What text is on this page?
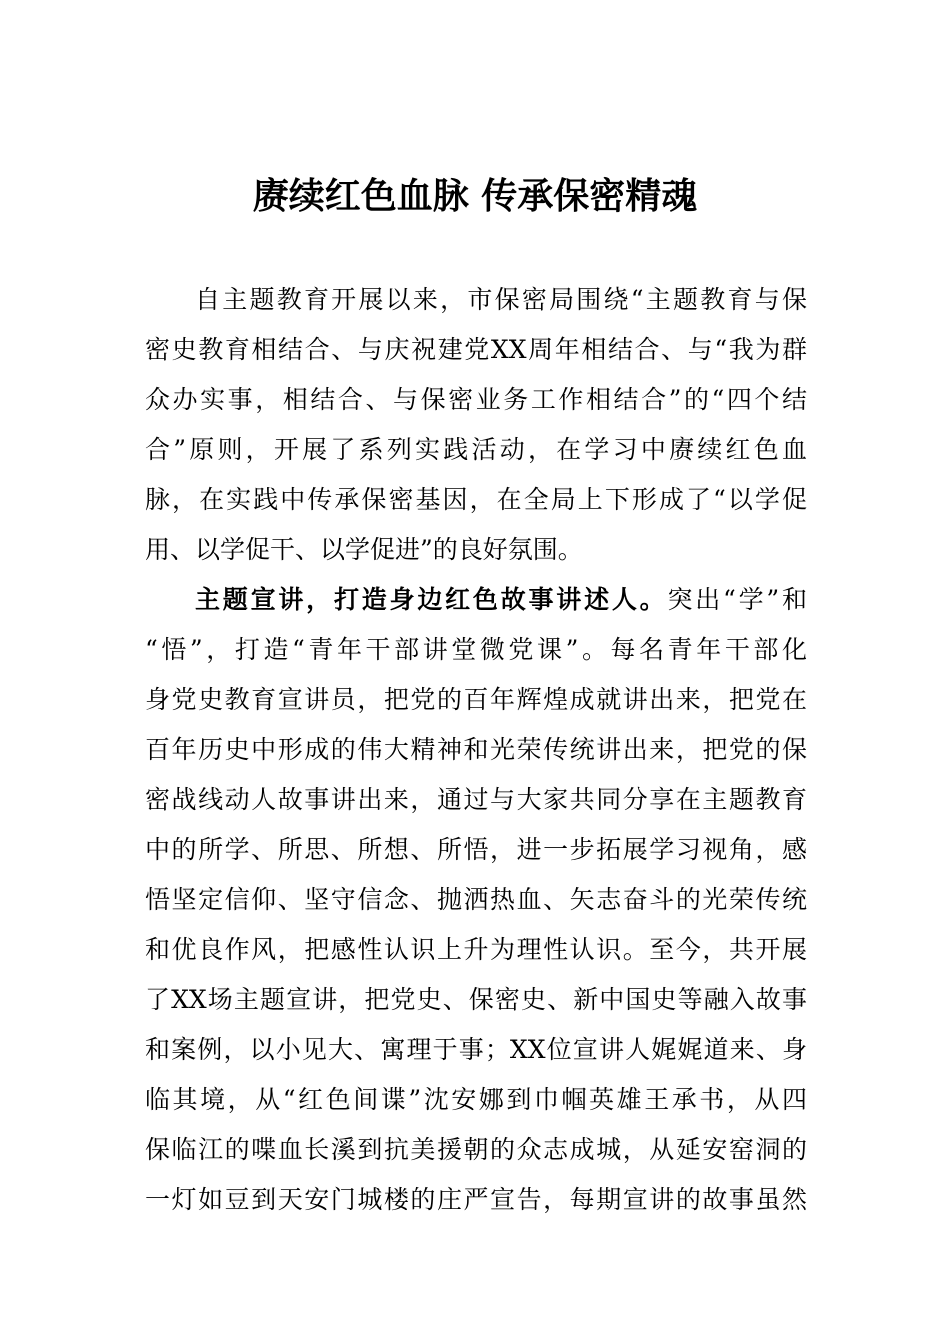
赓续红色血脉 传承保密精魂
自主题教育开展以来，市保密局围绕“主题教育与保
密史教育相结合、与庆祝建党XX周年相结合、与“我为群
众办实事，相结合、与保密业务工作相结合”的“四个结
合”原则，开展了系列实践活动，在学习中赓续红色血
脉，在实践中传承保密基因，在全局上下形成了“以学促
用、以学促干、以学促进”的良好氛围。
主题宣讲，打造身边红色故事讲述人。突出“学”和
“悟”，打造“青年干部讲堂微党课”。每名青年干部化
身党史教育宣讲员，把党的百年辉煌成就讲出来，把党在
百年历史中形成的伟大精神和光荣传统讲出来，把党的保
密战线动人故事讲出来，通过与大家共同分享在主题教育
中的所学、所思、所想、所悟，进一步拓展学习视角，感
悟坚定信仰、坚守信念、抛洒热血、矢志奋斗的光荣传统
和优良作风，把感性认识上升为理性认识。至今，共开展
了XX场主题宣讲，把党史、保密史、新中国史等融入故事
和案例，以小见大、寓理于事；XX位宣讲人娓娓道来、身
临其境，从“红色间谍”沈安娜到巾帼英雄王承书，从四
保临江的喋血长溪到抗美援朝的众志成城，从延安窑洞的
一灯如豆到天安门城楼的庄严宣告，每期宣讲的故事虽然
